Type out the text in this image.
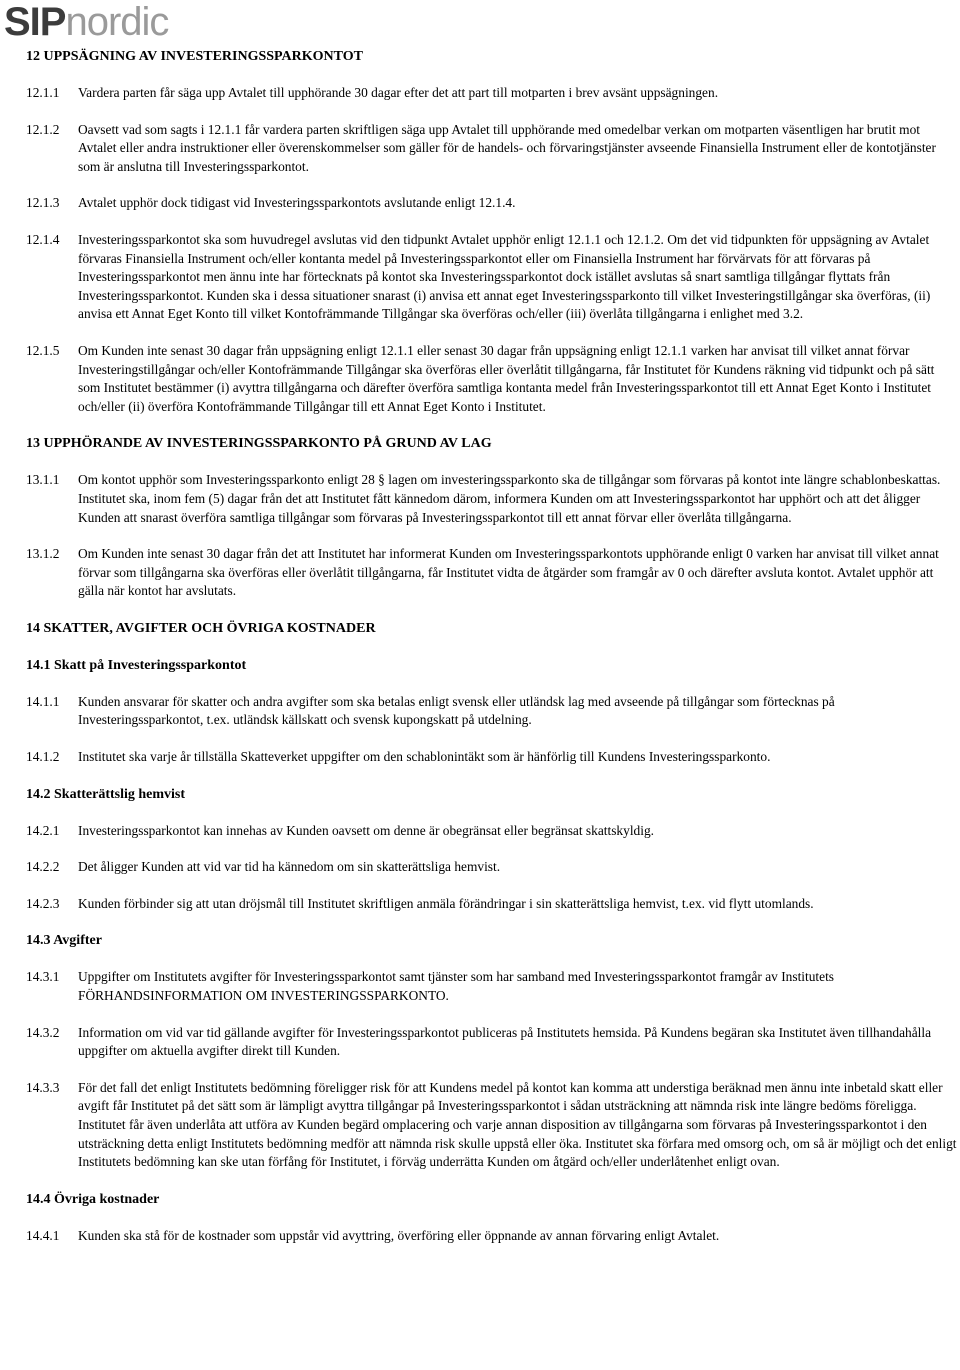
SIPnordic
12 UPPSÄGNING AV INVESTERINGSSPARKONTOT
12.1.1 Vardera parten får säga upp Avtalet till upphörande 30 dagar efter det att part till motparten i brev avsänt uppsägningen.
12.1.2 Oavsett vad som sagts i 12.1.1 får vardera parten skriftligen säga upp Avtalet till upphörande med omedelbar verkan om motparten väsentligen har brutit mot Avtalet eller andra instruktioner eller överenskommelser som gäller för de handels- och förvaringstjänster avseende Finansiella Instrument eller de kontotjänster som är anslutna till Investeringssparkontot.
12.1.3 Avtalet upphör dock tidigast vid Investeringssparkontots avslutande enligt 12.1.4.
12.1.4 Investeringssparkontot ska som huvudregel avslutas vid den tidpunkt Avtalet upphör enligt 12.1.1 och 12.1.2. Om det vid tidpunkten för uppsägning av Avtalet förvaras Finansiella Instrument och/eller kontanta medel på Investeringssparkontot eller om Finansiella Instrument har förvärvats för att förvaras på Investeringssparkontot men ännu inte har förtecknats på kontot ska Investeringssparkontot dock istället avslutas så snart samtliga tillgångar flyttats från Investeringssparkontot. Kunden ska i dessa situationer snarast (i) anvisa ett annat eget Investeringssparkonto till vilket Investeringstillgångar ska överföras, (ii) anvisa ett Annat Eget Konto till vilket Kontofrämmande Tillgångar ska överföras och/eller (iii) överlåta tillgångarna i enlighet med 3.2.
12.1.5 Om Kunden inte senast 30 dagar från uppsägning enligt 12.1.1 eller senast 30 dagar från uppsägning enligt 12.1.1 varken har anvisat till vilket annat förvar Investeringstillgångar och/eller Kontofrämmande Tillgångar ska överföras eller överlåtit tillgångarna, får Institutet för Kundens räkning vid tidpunkt och på sätt som Institutet bestämmer (i) avyttra tillgångarna och därefter överföra samtliga kontanta medel från Investeringssparkontot till ett Annat Eget Konto i Institutet och/eller (ii) överföra Kontofrämmande Tillgångar till ett Annat Eget Konto i Institutet.
13 UPPHÖRANDE AV INVESTERINGSSPARKONTO PÅ GRUND AV LAG
13.1.1 Om kontot upphör som Investeringssparkonto enligt 28 § lagen om investeringssparkonto ska de tillgångar som förvaras på kontot inte längre schablonbeskattas. Institutet ska, inom fem (5) dagar från det att Institutet fått kännedom därom, informera Kunden om att Investeringssparkontot har upphört och att det åligger Kunden att snarast överföra samtliga tillgångar som förvaras på Investeringssparkontot till ett annat förvar eller överlåta tillgångarna.
13.1.2 Om Kunden inte senast 30 dagar från det att Institutet har informerat Kunden om Investeringssparkontots upphörande enligt 0 varken har anvisat till vilket annat förvar som tillgångarna ska överföras eller överlåtit tillgångarna, får Institutet vidta de åtgärder som framgår av 0 och därefter avsluta kontot. Avtalet upphör att gälla när kontot har avslutats.
14 SKATTER, AVGIFTER OCH ÖVRIGA KOSTNADER
14.1 Skatt på Investeringssparkontot
14.1.1 Kunden ansvarar för skatter och andra avgifter som ska betalas enligt svensk eller utländsk lag med avseende på tillgångar som förtecknas på Investeringssparkontot, t.ex. utländsk källskatt och svensk kupongskatt på utdelning.
14.1.2 Institutet ska varje år tillställa Skatteverket uppgifter om den schablonintäkt som är hänförlig till Kundens Investeringssparkonto.
14.2 Skatterättslig hemvist
14.2.1 Investeringssparkontot kan innehas av Kunden oavsett om denne är obegränsat eller begränsat skattskyldig.
14.2.2 Det åligger Kunden att vid var tid ha kännedom om sin skatterättsliga hemvist.
14.2.3 Kunden förbinder sig att utan dröjsmål till Institutet skriftligen anmäla förändringar i sin skatterättsliga hemvist, t.ex. vid flytt utomlands.
14.3 Avgifter
14.3.1 Uppgifter om Institutets avgifter för Investeringssparkontot samt tjänster som har samband med Investeringssparkontot framgår av Institutets FÖRHANDSINFORMATION OM INVESTERINGSSPARKONTO.
14.3.2 Information om vid var tid gällande avgifter för Investeringssparkontot publiceras på Institutets hemsida. På Kundens begäran ska Institutet även tillhandahålla uppgifter om aktuella avgifter direkt till Kunden.
14.3.3 För det fall det enligt Institutets bedömning föreligger risk för att Kundens medel på kontot kan komma att understiga beräknad men ännu inte inbetald skatt eller avgift får Institutet på det sätt som är lämpligt avyttra tillgångar på Investeringssparkontot i sådan utsträckning att nämnda risk inte längre bedöms föreligga. Institutet får även underlåta att utföra av Kunden begärd omplacering och varje annan disposition av tillgångarna som förvaras på Investeringssparkontot i den utsträckning detta enligt Institutets bedömning medför att nämnda risk skulle uppstå eller öka. Institutet ska förfara med omsorg och, om så är möjligt och det enligt Institutets bedömning kan ske utan förfång för Institutet, i förväg underrätta Kunden om åtgärd och/eller underlåtenhet enligt ovan.
14.4 Övriga kostnader
14.4.1 Kunden ska stå för de kostnader som uppstår vid avyttring, överföring eller öppnande av annan förvaring enligt Avtalet.
